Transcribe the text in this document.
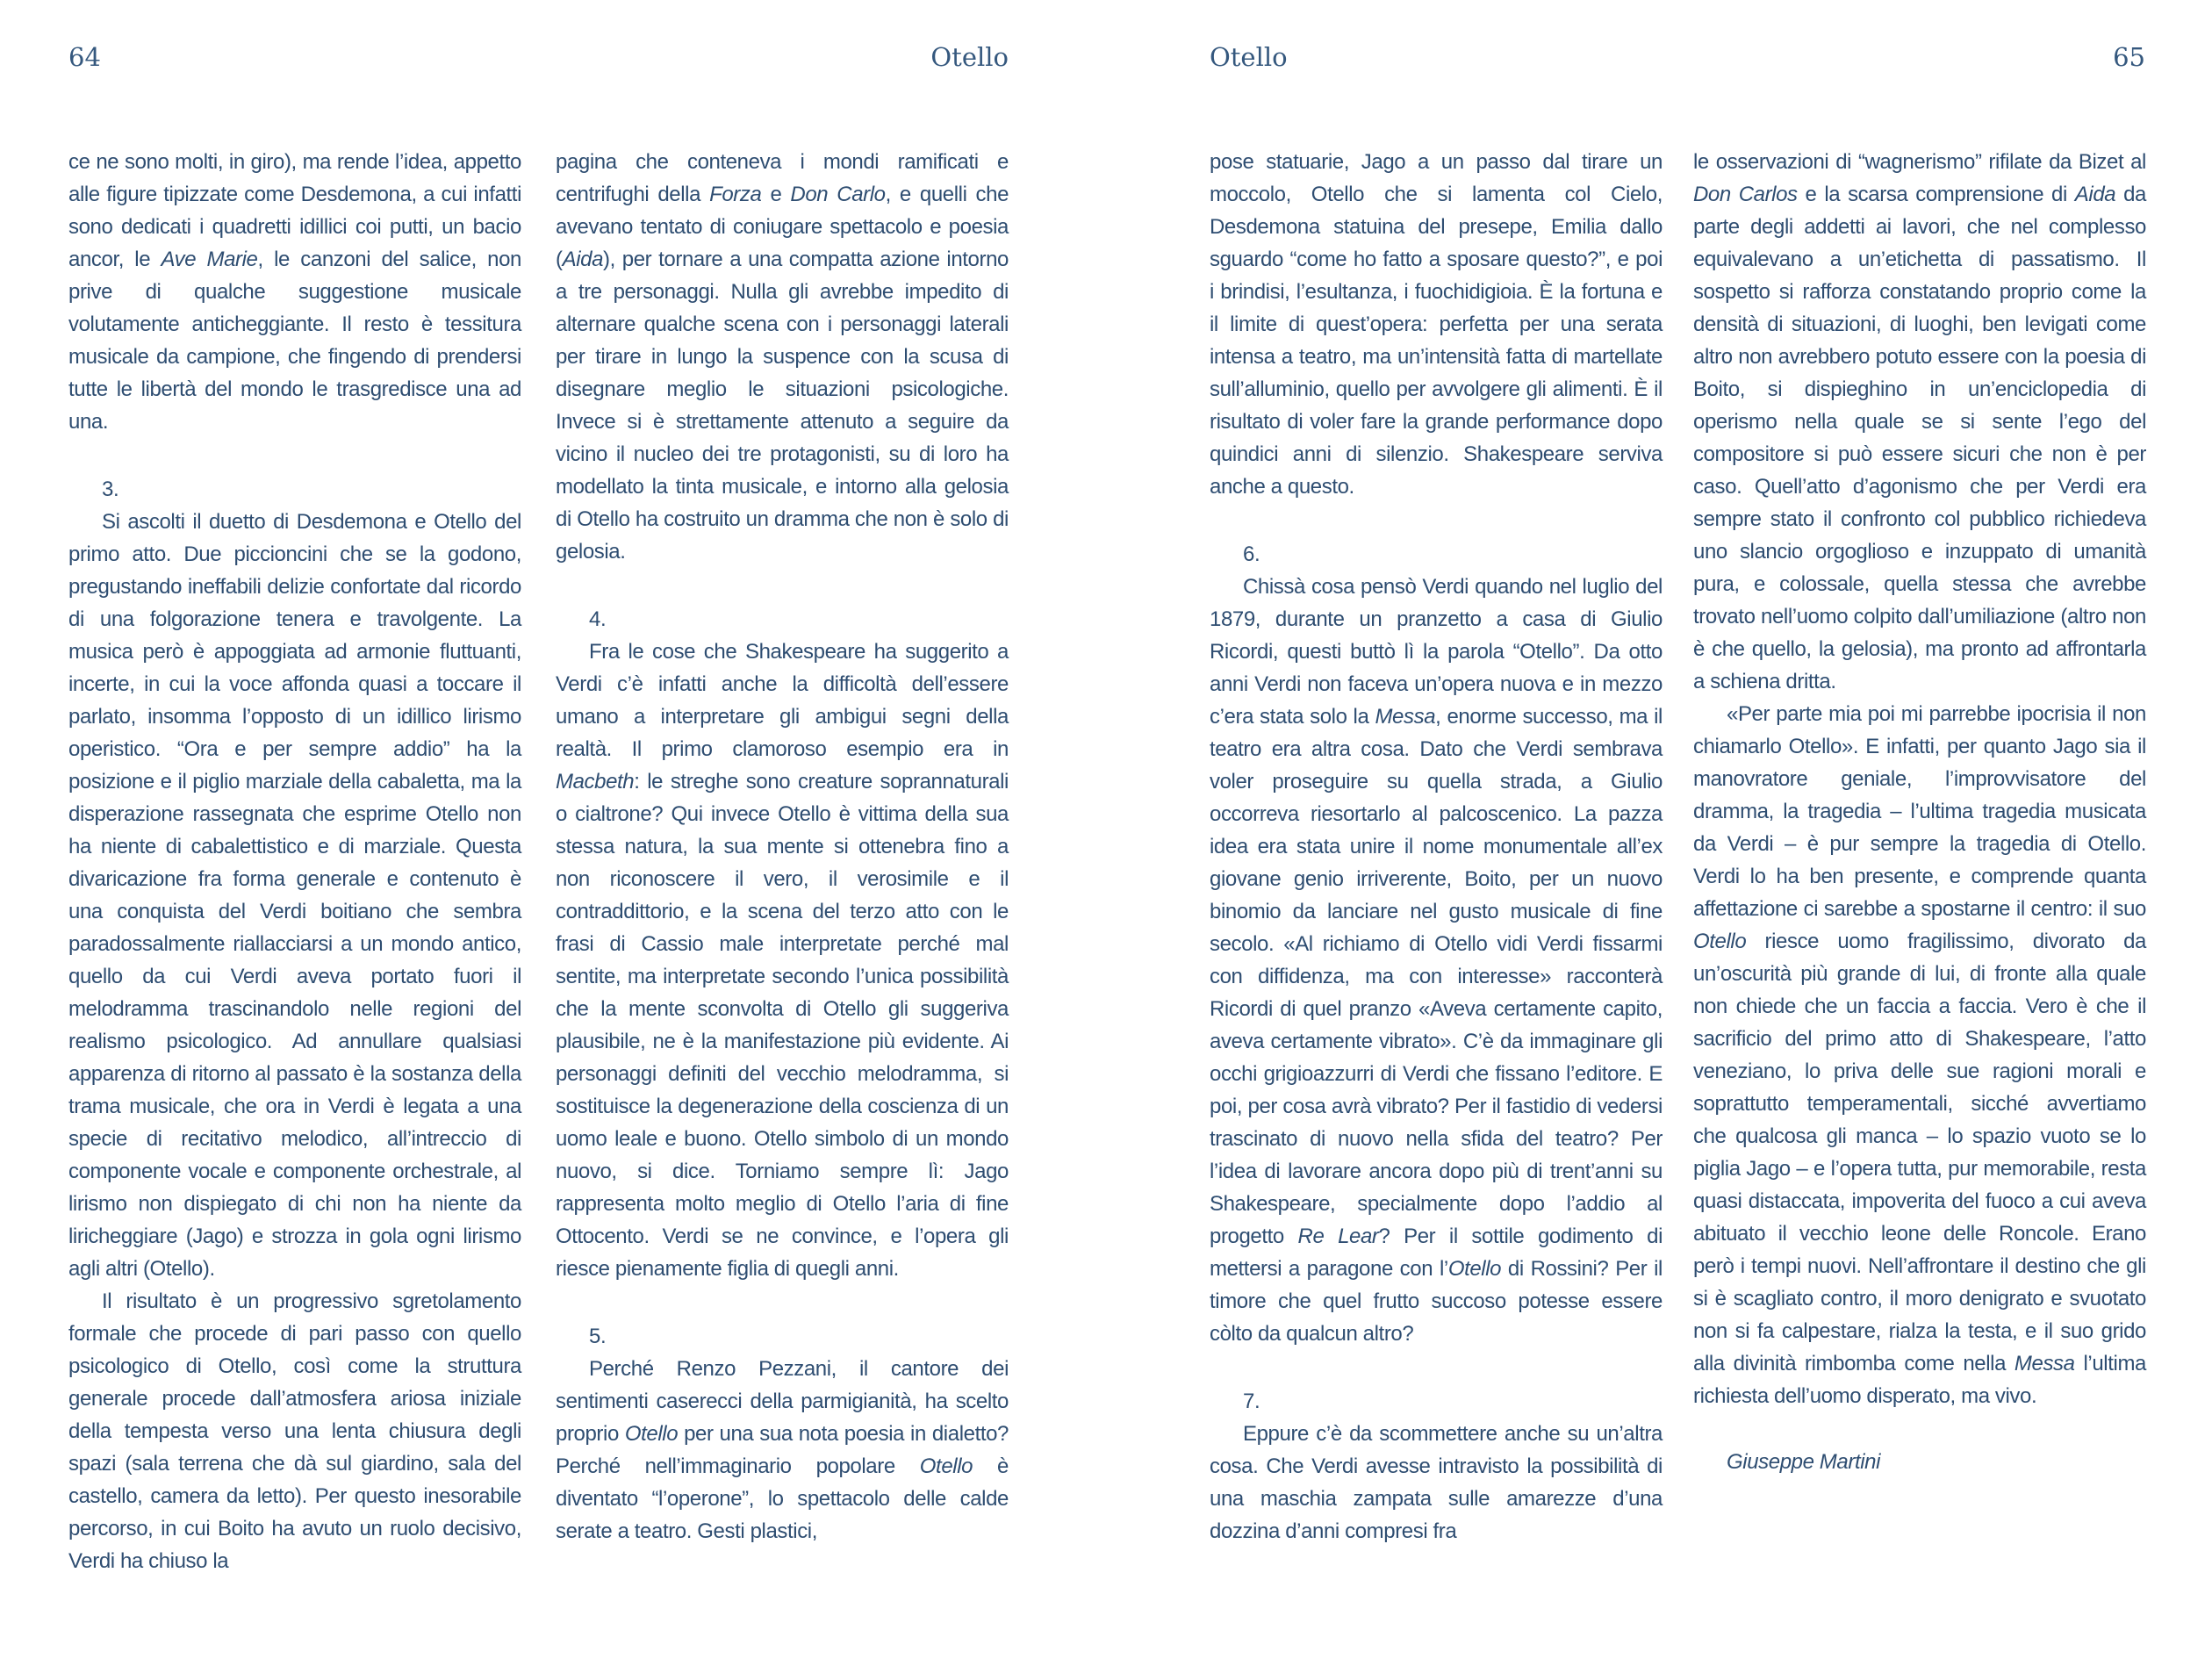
64	Otello	Otello	65

ce ne sono molti, in giro), ma rende l’idea, appetto alle figure tipizzate come Desdemona, a cui infatti sono dedicati i quadretti idillici coi putti, un bacio ancor, le Ave Marie, le canzoni del salice, non prive di qualche suggestione musicale volutamente anticheggiante. Il resto è tessitura musicale da campione, che fingendo di prendersi tutte le libertà del mondo le trasgredisce una ad una.

3.

Si ascolti il duetto di Desdemona e Otello del primo atto. Due piccioncini che se la godono, pregustando ineffabili delizie confortate dal ricordo di una folgorazione tenera e travolgente. La musica però è appoggiata ad armonie fluttuanti, incerte, in cui la voce affonda quasi a toccare il parlato, insomma l’opposto di un idillico lirismo operistico. “Ora e per sempre addio” ha la posizione e il piglio marziale della cabaletta, ma la disperazione rassegnata che esprime Otello non ha niente di cabalettistico e di marziale. Questa divaricazione fra forma generale e contenuto è una conquista del Verdi boitiano che sembra paradossalmente riallacciarsi a un mondo antico, quello da cui Verdi aveva portato fuori il melodramma trascinandolo nelle regioni del realismo psicologico. Ad annullare qualsiasi apparenza di ritorno al passato è la sostanza della trama musicale, che ora in Verdi è legata a una specie di recitativo melodico, all’intreccio di componente vocale e componente orchestrale, al lirismo non dispiegato di chi non ha niente da liricheggiare (Jago) e strozza in gola ogni lirismo agli altri (Otello).

Il risultato è un progressivo sgretolamento formale che procede di pari passo con quello psicologico di Otello, così come la struttura generale procede dall’atmosfera ariosa iniziale della tempesta verso una lenta chiusura degli spazi (sala terrena che dà sul giardino, sala del castello, camera da letto). Per questo inesorabile percorso, in cui Boito ha avuto un ruolo decisivo, Verdi ha chiuso la

pagina che conteneva i mondi ramificati e centrifughi della Forza e Don Carlo, e quelli che avevano tentato di coniugare spettacolo e poesia (Aida), per tornare a una compatta azione intorno a tre personaggi. Nulla gli avrebbe impedito di alternare qualche scena con i personaggi laterali per tirare in lungo la suspence con la scusa di disegnare meglio le situazioni psicologiche. Invece si è strettamente attenuto a seguire da vicino il nucleo dei tre protagonisti, su di loro ha modellato la tinta musicale, e intorno alla gelosia di Otello ha costruito un dramma che non è solo di gelosia.

4.

Fra le cose che Shakespeare ha suggerito a Verdi c’è infatti anche la difficoltà dell’essere umano a interpretare gli ambigui segni della realtà. Il primo clamoroso esempio era in Macbeth: le streghe sono creature soprannaturali o cialtrone? Qui invece Otello è vittima della sua stessa natura, la sua mente si ottenebra fino a non riconoscere il vero, il verosimile e il contraddittorio, e la scena del terzo atto con le frasi di Cassio male interpretate perché mal sentite, ma interpretate secondo l’unica possibilità che la mente sconvolta di Otello gli suggeriva plausibile, ne è la manifestazione più evidente. Ai personaggi definiti del vecchio melodramma, si sostituisce la degenerazione della coscienza di un uomo leale e buono. Otello simbolo di un mondo nuovo, si dice. Torniamo sempre lì: Jago rappresenta molto meglio di Otello l’aria di fine Ottocento. Verdi se ne convince, e l’opera gli riesce pienamente figlia di quegli anni.

5.

Perché Renzo Pezzani, il cantore dei sentimenti caserecci della parmigianità, ha scelto proprio Otello per una sua nota poesia in dialetto? Perché nell’immaginario popolare Otello è diventato “l’operone”, lo spettacolo delle calde serate a teatro. Gesti plastici,

pose statuarie, Jago a un passo dal tirare un moccolo, Otello che si lamenta col Cielo, Desdemona statuina del presepe, Emilia dallo sguardo “come ho fatto a sposare questo?”, e poi i brindisi, l’esultanza, i fuochidigioia. È la fortuna e il limite di quest’opera: perfetta per una serata intensa a teatro, ma un’intensità fatta di martellate sull’alluminio, quello per avvolgere gli alimenti. È il risultato di voler fare la grande performance dopo quindici anni di silenzio. Shakespeare serviva anche a questo.

6.

Chissà cosa pensò Verdi quando nel luglio del 1879, durante un pranzetto a casa di Giulio Ricordi, questi buttò lì la parola “Otello”. Da otto anni Verdi non faceva un’opera nuova e in mezzo c’era stata solo la Messa, enorme successo, ma il teatro era altra cosa. Dato che Verdi sembrava voler proseguire su quella strada, a Giulio occorreva riesortarlo al palcoscenico. La pazza idea era stata unire il nome monumentale all’ex giovane genio irriverente, Boito, per un nuovo binomio da lanciare nel gusto musicale di fine secolo. «Al richiamo di Otello vidi Verdi fissarmi con diffidenza, ma con interesse» racconterà Ricordi di quel pranzo «Aveva certamente capito, aveva certamente vibrato». C’è da immaginare gli occhi grigioazzurri di Verdi che fissano l’editore. E poi, per cosa avrà vibrato? Per il fastidio di vedersi trascinato di nuovo nella sfida del teatro? Per l’idea di lavorare ancora dopo più di trent’anni su Shakespeare, specialmente dopo l’addio al progetto Re Lear? Per il sottile godimento di mettersi a paragone con l’Otello di Rossini? Per il timore che quel frutto succoso potesse essere còlto da qualcun altro?

7.

Eppure c’è da scommettere anche su un’altra cosa. Che Verdi avesse intravisto la possibilità di una maschia zampata sulle amarezze d’una dozzina d’anni compresi fra

le osservazioni di “wagnerismo” rifilate da Bizet al Don Carlos e la scarsa comprensione di Aida da parte degli addetti ai lavori, che nel complesso equivalevano a un’etichetta di passatismo. Il sospetto si rafforza constatando proprio come la densità di situazioni, di luoghi, ben levigati come altro non avrebbero potuto essere con la poesia di Boito, si dispieghino in un’enciclopedia di operismo nella quale se si sente l’ego del compositore si può essere sicuri che non è per caso. Quell’atto d’agonismo che per Verdi era sempre stato il confronto col pubblico richiedeva uno slancio orgoglioso e inzuppato di umanità pura, e colossale, quella stessa che avrebbe trovato nell’uomo colpito dall’umiliazione (altro non è che quello, la gelosia), ma pronto ad affrontarla a schiena dritta.

«Per parte mia poi mi parrebbe ipocrisia il non chiamarlo Otello». E infatti, per quanto Jago sia il manovratore geniale, l’improvvisatore del dramma, la tragedia – l’ultima tragedia musicata da Verdi – è pur sempre la tragedia di Otello. Verdi lo ha ben presente, e comprende quanta affettazione ci sarebbe a spostarne il centro: il suo Otello riesce uomo fragilissimo, divorato da un’oscurità più grande di lui, di fronte alla quale non chiede che un faccia a faccia. Vero è che il sacrificio del primo atto di Shakespeare, l’atto veneziano, lo priva delle sue ragioni morali e soprattutto temperamentali, sicché avvertiamo che qualcosa gli manca – lo spazio vuoto se lo piglia Jago – e l’opera tutta, pur memorabile, resta quasi distaccata, impoverita del fuoco a cui aveva abituato il vecchio leone delle Roncole. Erano però i tempi nuovi. Nell’affrontare il destino che gli si è scagliato contro, il moro denigrato e svuotato non si fa calpestare, rialza la testa, e il suo grido alla divinità rimbomba come nella Messa l’ultima richiesta dell’uomo disperato, ma vivo.

Giuseppe Martini
